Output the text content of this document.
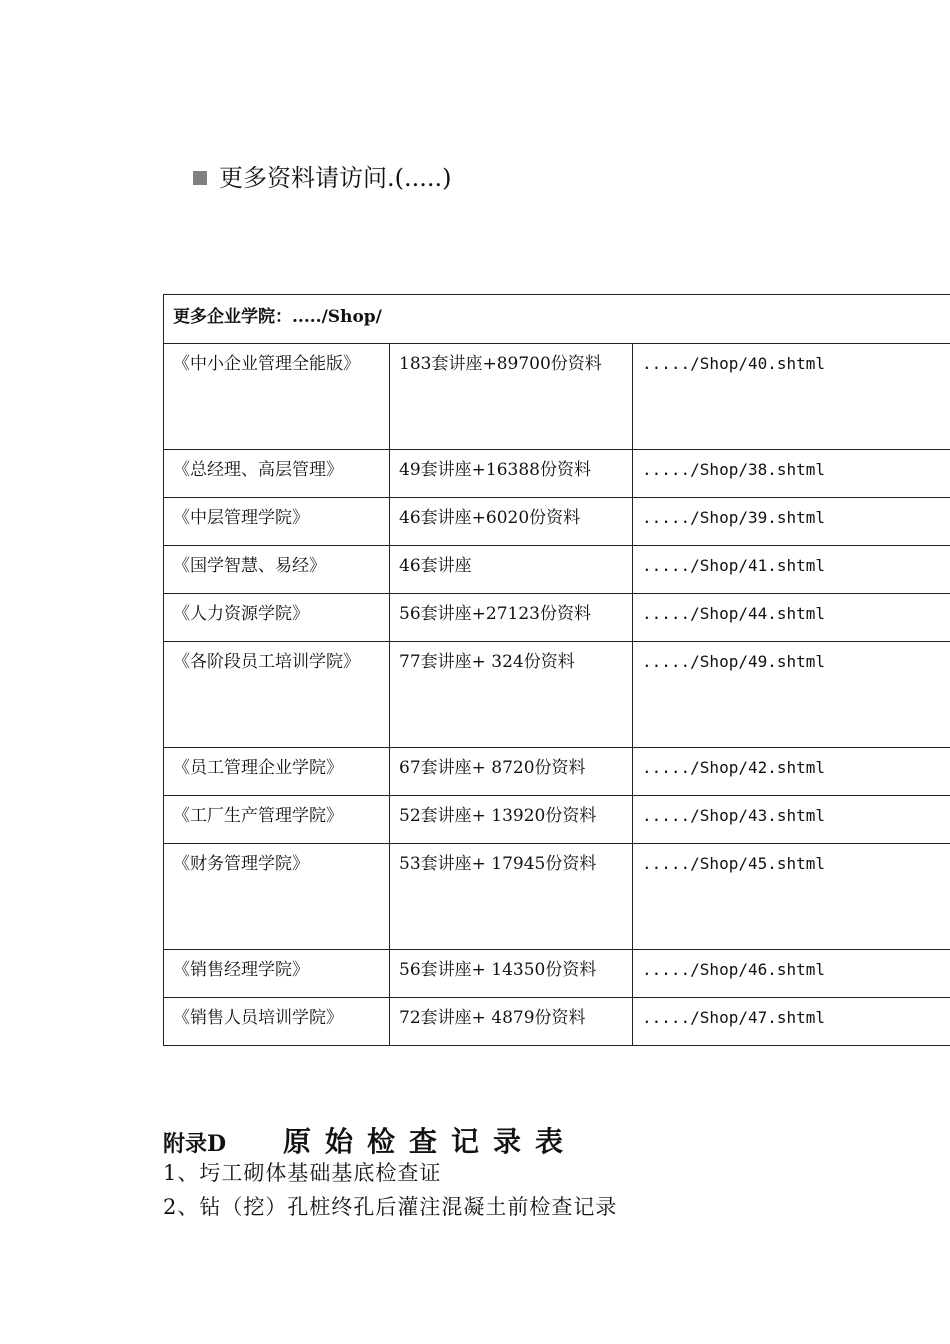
更多资料请访问.(.....)
更多企业学院：...../Shop/		

《中小企业管理全能版》	183套讲座+89700份资料	...../Shop/40.shtml
《总经理、高层管理》	49套讲座+16388份资料	...../Shop/38.shtml
《中层管理学院》	46套讲座+6020份资料	...../Shop/39.shtml
《国学智慧、易经》	46套讲座	...../Shop/41.shtml
《人力资源学院》	56套讲座+27123份资料	...../Shop/44.shtml

《各阶段员工培训学院》	77套讲座+ 324份资料	...../Shop/49.shtml
《员工管理企业学院》	67套讲座+ 8720份资料	...../Shop/42.shtml
《工厂生产管理学院》	52套讲座+ 13920份资料	...../Shop/43.shtml
《财务管理学院》	53套讲座+ 17945份资料	...../Shop/45.shtml
《销售经理学院》	56套讲座+ 14350份资料	...../Shop/46.shtml
《销售人员培训学院》	72套讲座+ 4879份资料	...../Shop/47.shtml
附录D	原始检查记录表
1、圬工砌体基础基底检查证
2、钻（挖）孔桩终孔后灌注混凝土前检查记录
